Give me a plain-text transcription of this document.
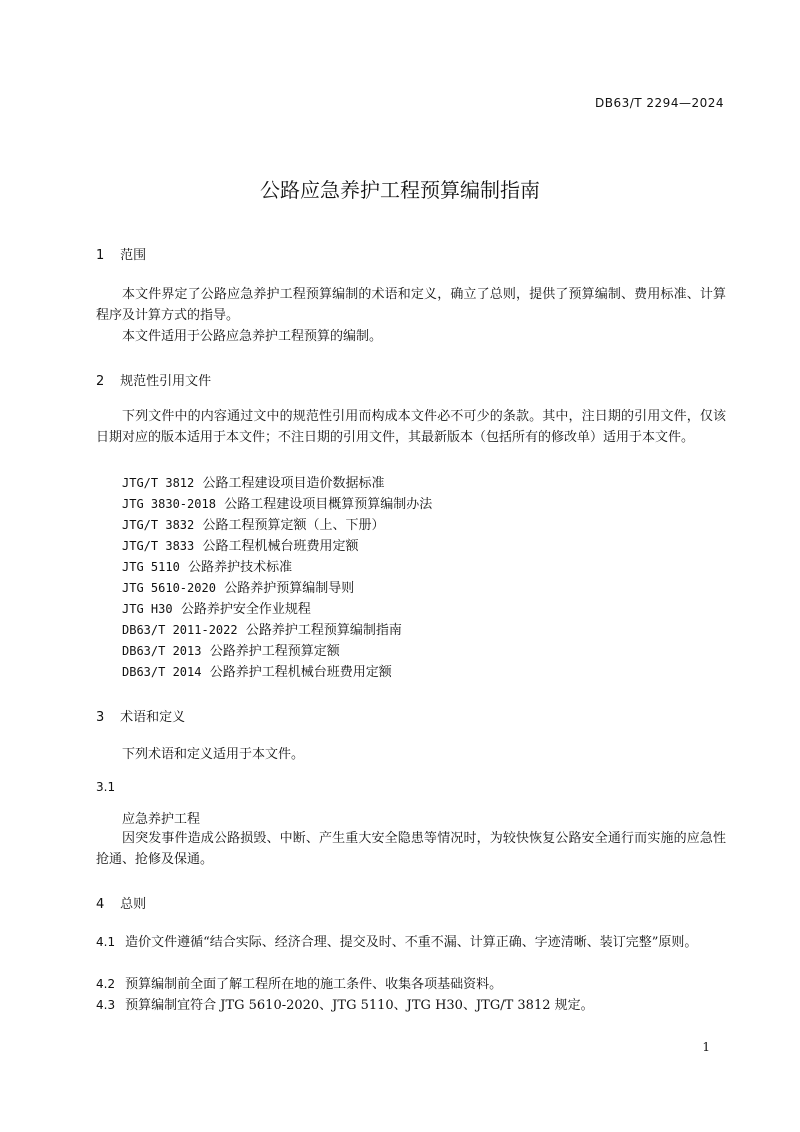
DB63/T 2294—2024
公路应急养护工程预算编制指南
1 范围
本文件界定了公路应急养护工程预算编制的术语和定义，确立了总则，提供了预算编制、费用标准、计算程序及计算方式的指导。
本文件适用于公路应急养护工程预算的编制。
2 规范性引用文件
下列文件中的内容通过文中的规范性引用而构成本文件必不可少的条款。其中，注日期的引用文件，仅该日期对应的版本适用于本文件；不注日期的引用文件，其最新版本（包括所有的修改单）适用于本文件。
JTG/T 3812 公路工程建设项目造价数据标准
JTG 3830-2018 公路工程建设项目概算预算编制办法
JTG/T 3832 公路工程预算定额（上、下册）
JTG/T 3833 公路工程机械台班费用定额
JTG 5110 公路养护技术标准
JTG 5610-2020 公路养护预算编制导则
JTG H30 公路养护安全作业规程
DB63/T 2011-2022 公路养护工程预算编制指南
DB63/T 2013 公路养护工程预算定额
DB63/T 2014 公路养护工程机械台班费用定额
3 术语和定义
下列术语和定义适用于本文件。
3.1
应急养护工程
因突发事件造成公路损毁、中断、产生重大安全隐患等情况时，为较快恢复公路安全通行而实施的应急性抢通、抢修及保通。
4 总则
4.1 造价文件遵循“结合实际、经济合理、提交及时、不重不漏、计算正确、字迹清晰、装订完整”原则。
4.2 预算编制前全面了解工程所在地的施工条件、收集各项基础资料。
4.3 预算编制宜符合 JTG 5610-2020、JTG 5110、JTG H30、JTG/T 3812 规定。
1
